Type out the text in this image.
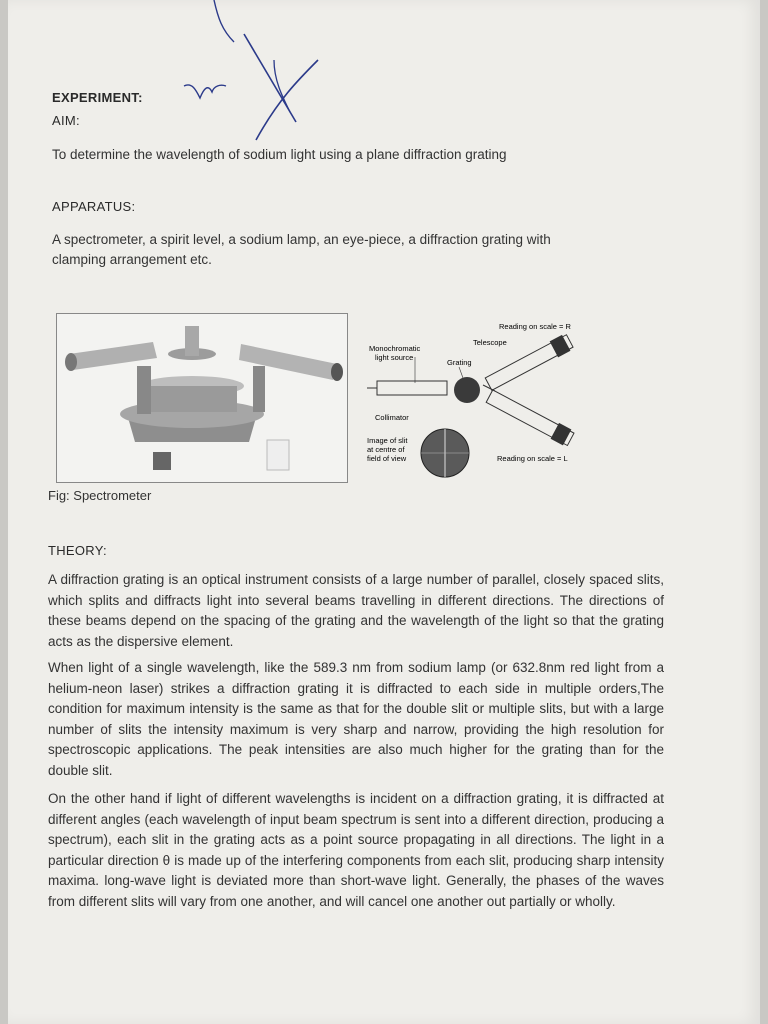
EXPERIMENT:
AIM:
To determine the wavelength of sodium light using a plane diffraction grating
APPARATUS:
A spectrometer, a spirit level, a sodium lamp, an eye-piece, a diffraction grating with
clamping arrangement etc.
Reading on scale = R
Telescope
Monochromatic
light source
Grating
Collimator
Image of slit
at centre of
field of view	Reading on scale = L
Fig: Spectrometer
THEORY:
A diffraction grating is an optical instrument consists of a large number of parallel, closely spaced slits, which splits and diffracts light into several beams travelling in different directions. The directions of these beams depend on the spacing of the grating and the wavelength of the light so that the grating acts as the dispersive element.
When light of a single wavelength, like the 589.3 nm from sodium lamp (or 632.8nm red light from a helium-neon laser) strikes a diffraction grating it is diffracted to each side in multiple orders,The condition for maximum intensity is the same as that for the double slit or multiple slits, but with a large number of slits the intensity maximum is very sharp and narrow, providing the high resolution for spectroscopic applications. The peak intensities are also much higher for the grating than for the double slit.
On the other hand if light of different wavelengths is incident on a diffraction grating, it is diffracted at different angles (each wavelength of input beam spectrum is sent into a different direction, producing a spectrum), each slit in the grating acts as a point source propagating in all directions. The light in a particular direction θ is made up of the interfering components from each slit, producing sharp intensity maxima. long-wave light is deviated more than short-wave light. Generally, the phases of the waves from different slits will vary from one another, and will cancel one another out partially or wholly.
